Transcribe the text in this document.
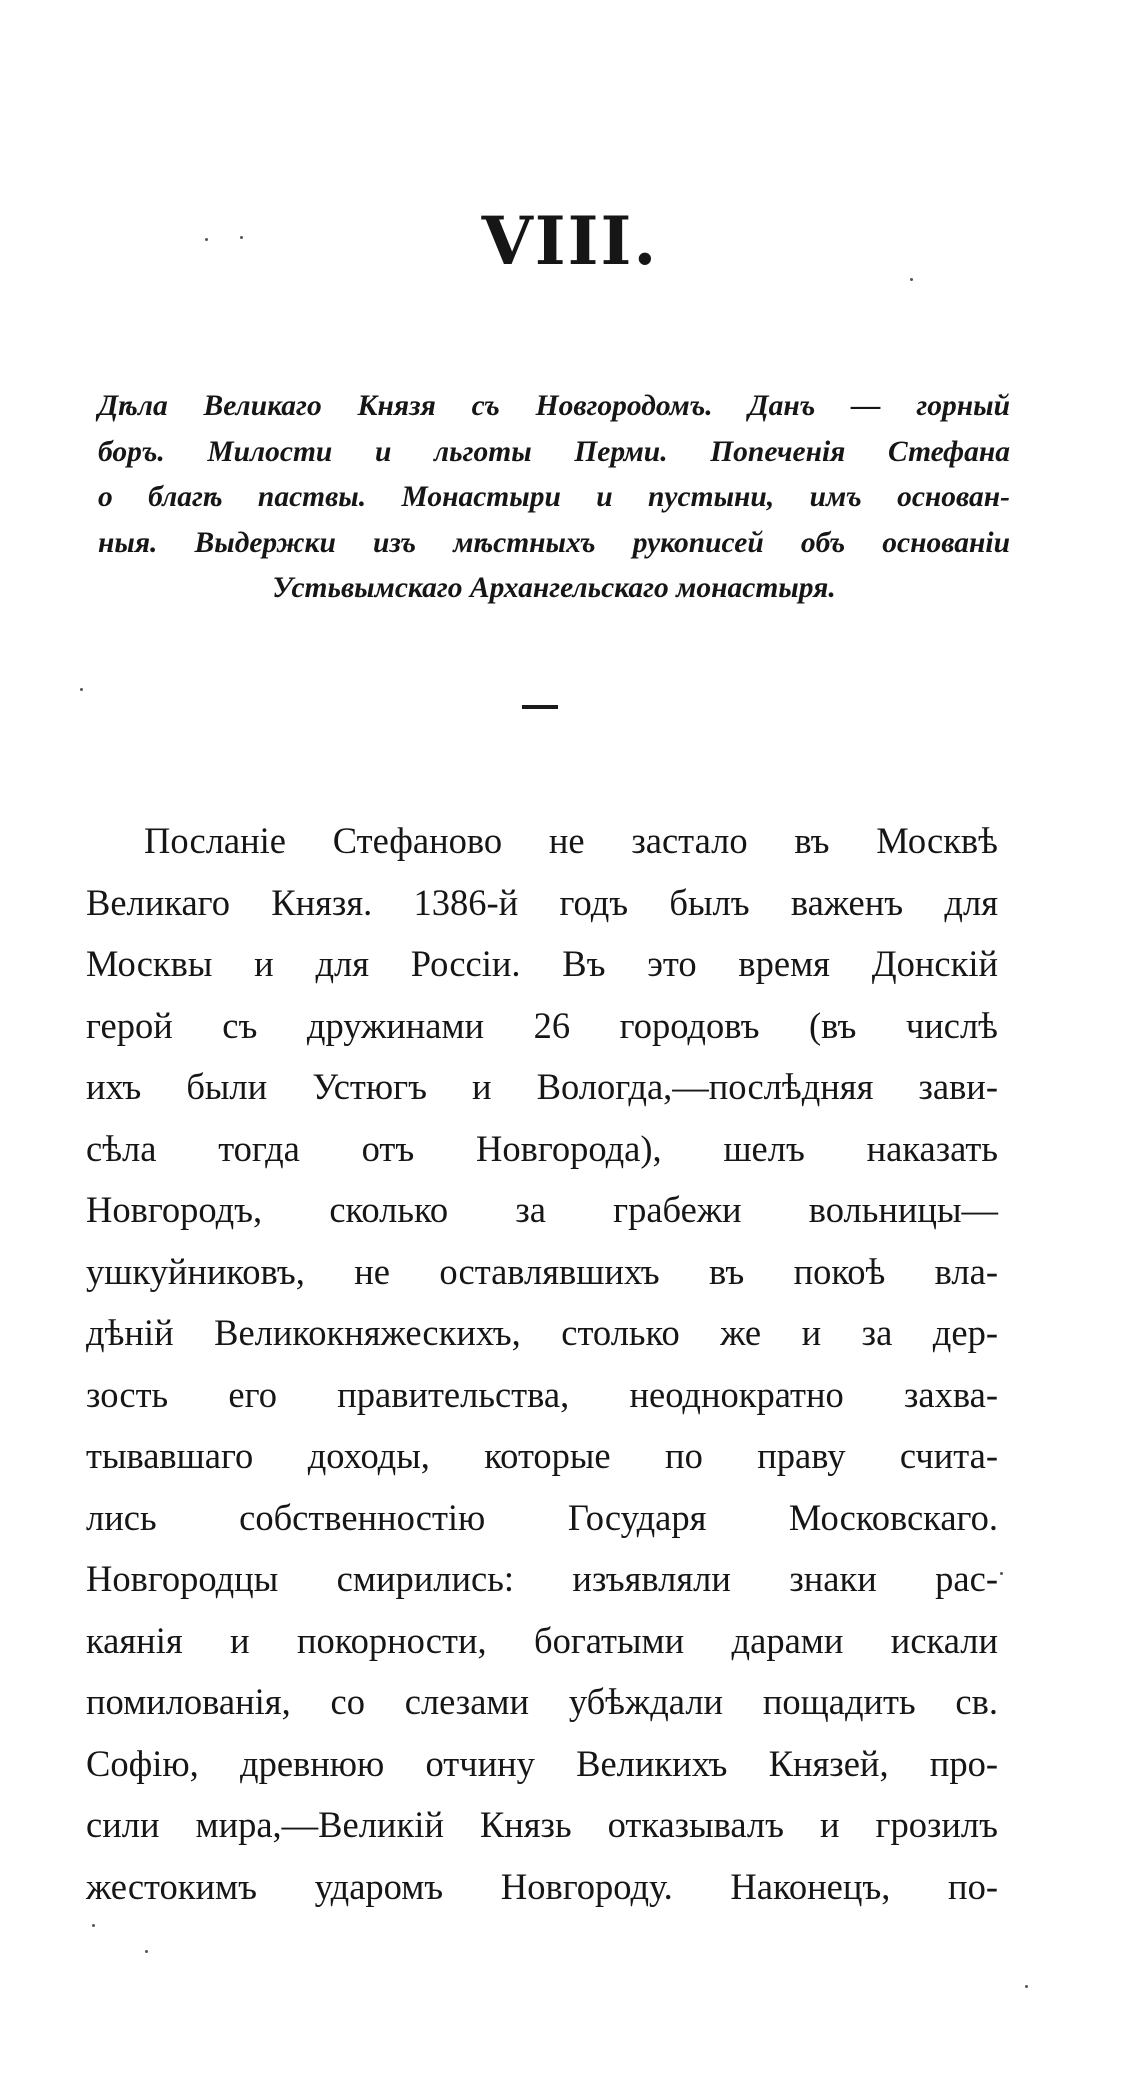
VIII.
Дѣла Великаго Князя съ Новгородомъ. Данъ — горный
боръ. Милости и льготы Перми. Попеченія Стефана
о благѣ паствы. Монастыри и пустыни, имъ основан-
ныя. Выдержки изъ мѣстныхъ рукописей объ основаніи
Устьвымскаго Архангельскаго монастыря.
Посланіе Стефаново не застало въ Москвѣ
Великаго Князя. 1386-й годъ былъ важенъ для
Москвы и для Россіи. Въ это время Донскій
герой съ дружинами 26 городовъ (въ числѣ
ихъ были Устюгъ и Вологда,—послѣдняя зави-
сѣла тогда отъ Новгорода), шелъ наказать
Новгородъ, сколько за грабежи вольницы—
ушкуйниковъ, не оставлявшихъ въ покоѣ вла-
дѣній Великокняжескихъ, столько же и за дер-
зость его правительства, неоднократно захва-
тывавшаго доходы, которые по праву счита-
лись собственностію Государя Московскаго.
Новгородцы смирились: изъявляли знаки рас-
каянія и покорности, богатыми дарами искали
помилованія, со слезами убѣждали пощадить св.
Софію, древнюю отчину Великихъ Князей, про-
сили мира,—Великій Князь отказывалъ и грозилъ
жестокимъ ударомъ Новгороду. Наконецъ, по-
